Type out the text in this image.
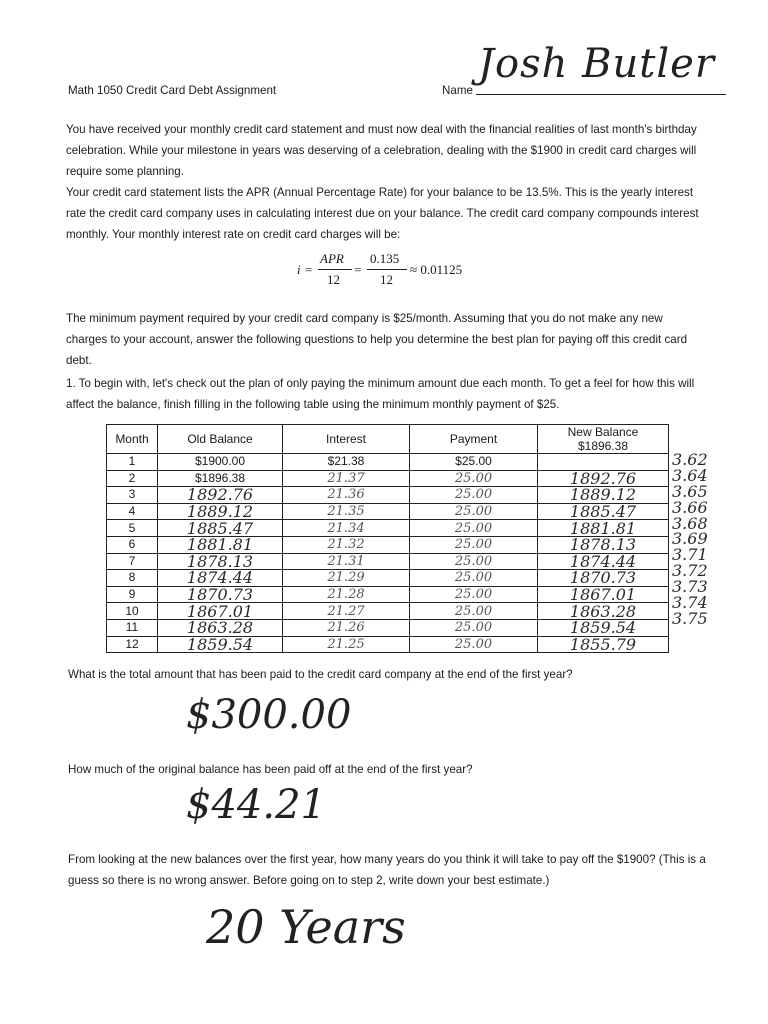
Math 1050 Credit Card Debt Assignment	Name
Josh Butler
You have received your monthly credit card statement and must now deal with the financial realities of last month's birthday celebration. While your milestone in years was deserving of a celebration, dealing with the $1900 in credit card charges will require some planning.
Your credit card statement lists the APR (Annual Percentage Rate) for your balance to be 13.5%. This is the yearly interest rate the credit card company uses in calculating interest due on your balance. The credit card company compounds interest monthly. Your monthly interest rate on credit card charges will be:
i =
APR
12
=
0.135
12
≈ 0.01125
The minimum payment required by your credit card company is $25/month. Assuming that you do not make any new charges to your account, answer the following questions to help you determine the best plan for paying off this credit card debt.
1. To begin with, let's check out the plan of only paying the minimum amount due each month. To get a feel for how this will affect the balance, finish filling in the following table using the minimum monthly payment of $25.
Month	Old Balance	Interest	Payment	New Balance
$1896.38
1	$1900.00	$21.38	$25.00	
2	$1896.38	21.37	25.00	1892.76
3	1892.76	21.36	25.00	1889.12
4	1889.12	21.35	25.00	1885.47
5	1885.47	21.34	25.00	1881.81
6	1881.81	21.32	25.00	1878.13
7	1878.13	21.31	25.00	1874.44
8	1874.44	21.29	25.00	1870.73
9	1870.73	21.28	25.00	1867.01
10	1867.01	21.27	25.00	1863.28
11	1863.28	21.26	25.00	1859.54
12	1859.54	21.25	25.00	1855.79
3.62
3.64
3.65
3.66
3.68
3.69
3.71
3.72
3.73
3.74
3.75
What is the total amount that has been paid to the credit card company at the end of the first year?
$300.00
How much of the original balance has been paid off at the end of the first year?
$44.21
From looking at the new balances over the first year, how many years do you think it will take to pay off the $1900? (This is a guess so there is no wrong answer. Before going on to step 2, write down your best estimate.)
20 Years
